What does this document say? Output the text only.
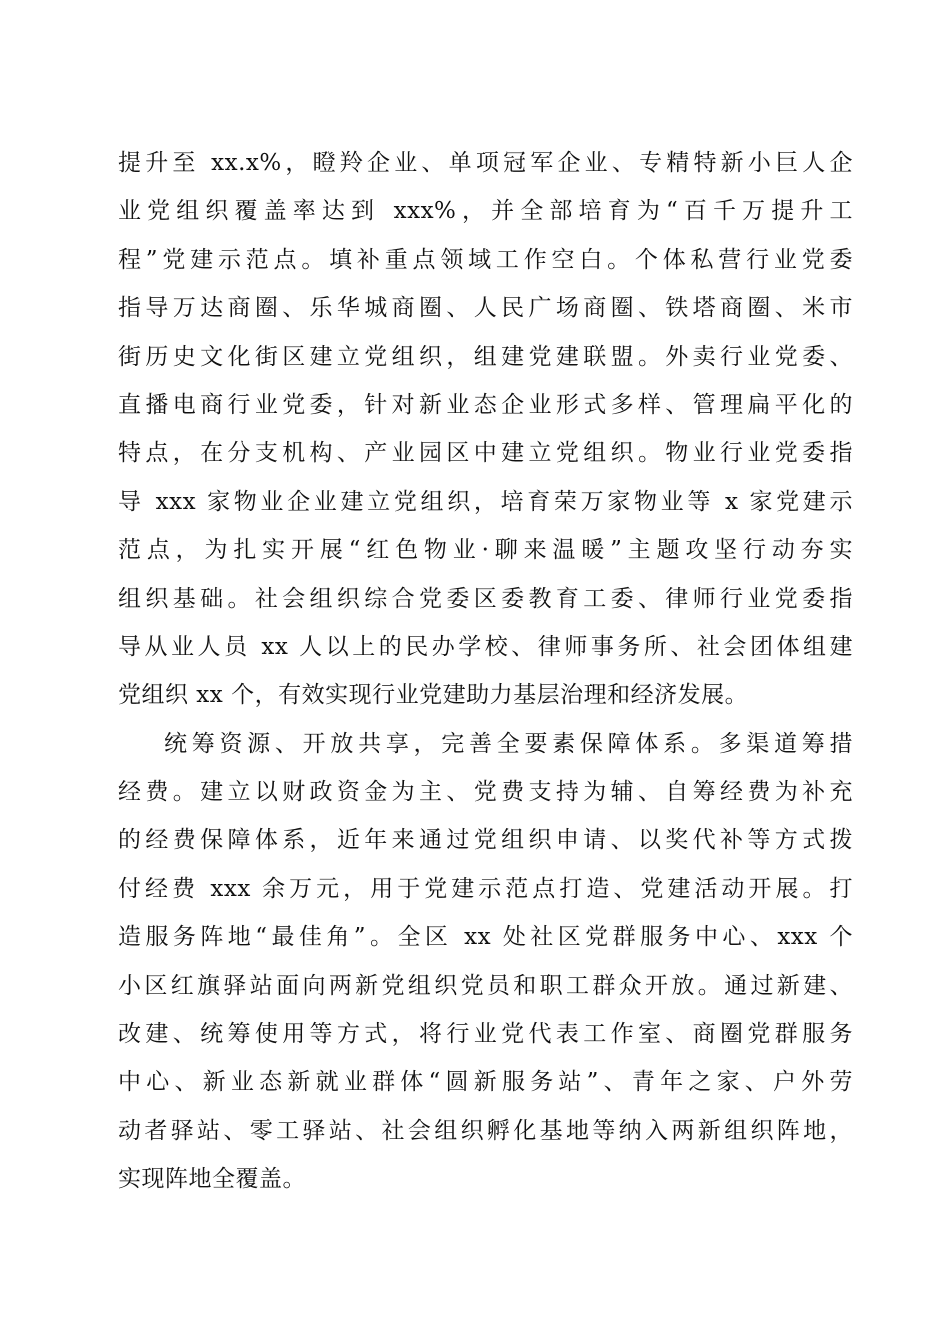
提升至 xx.x%，瞪羚企业、单项冠军企业、专精特新小巨人企
业党组织覆盖率达到 xxx%，并全部培育为“百千万提升工
程”党建示范点。填补重点领域工作空白。个体私营行业党委
指导万达商圈、乐华城商圈、人民广场商圈、铁塔商圈、米市
街历史文化街区建立党组织，组建党建联盟。外卖行业党委、
直播电商行业党委，针对新业态企业形式多样、管理扁平化的
特点，在分支机构、产业园区中建立党组织。物业行业党委指
导 xxx 家物业企业建立党组织，培育荣万家物业等 x 家党建示
范点，为扎实开展“红色物业·聊来温暖”主题攻坚行动夯实
组织基础。社会组织综合党委区委教育工委、律师行业党委指
导从业人员 xx 人以上的民办学校、律师事务所、社会团体组建
党组织 xx 个，有效实现行业党建助力基层治理和经济发展。
统筹资源、开放共享，完善全要素保障体系。多渠道筹措
经费。建立以财政资金为主、党费支持为辅、自筹经费为补充
的经费保障体系，近年来通过党组织申请、以奖代补等方式拨
付经费 xxx 余万元，用于党建示范点打造、党建活动开展。打
造服务阵地“最佳角”。全区 xx 处社区党群服务中心、xxx 个
小区红旗驿站面向两新党组织党员和职工群众开放。通过新建、
改建、统筹使用等方式，将行业党代表工作室、商圈党群服务
中心、新业态新就业群体“圆新服务站”、青年之家、户外劳
动者驿站、零工驿站、社会组织孵化基地等纳入两新组织阵地，
实现阵地全覆盖。
